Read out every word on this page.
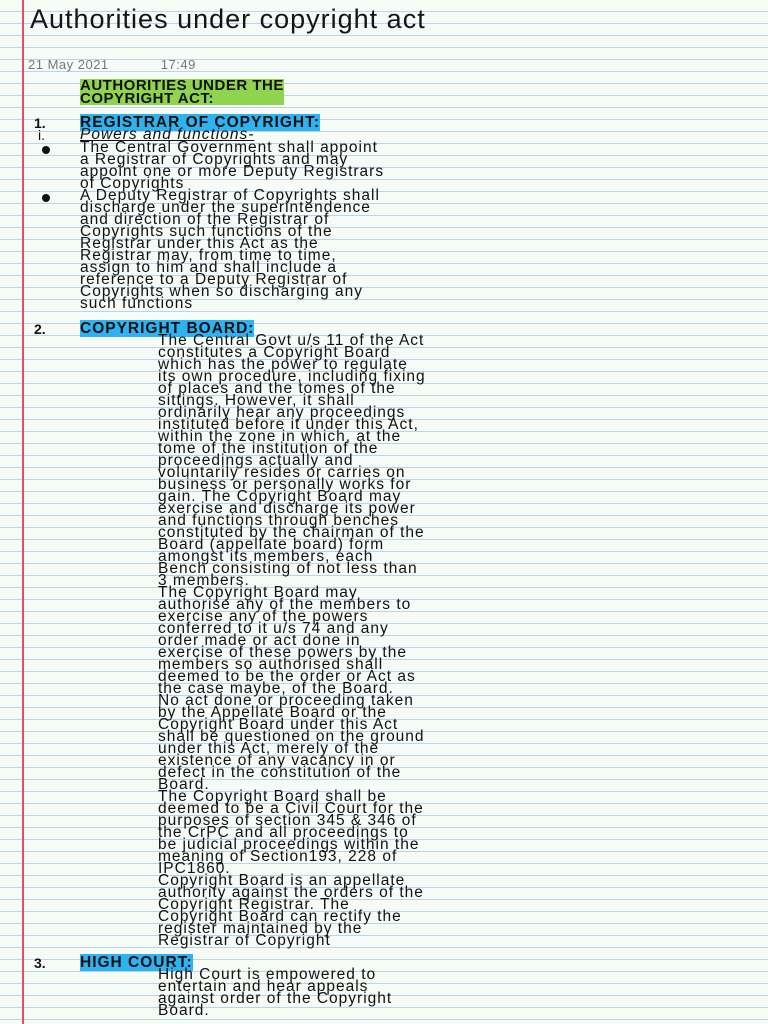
Authorities under copyright act
21 May 2021	17:49
AUTHORITIES UNDER THE
COPYRIGHT ACT:
1. REGISTRAR OF COPYRIGHT:
i. Powers and functions-
The Central Government shall appoint
a Registrar of Copyrights and may
appoint one or more Deputy Registrars
of Copyrights
A Deputy Registrar of Copyrights shall
discharge under the superintendence
and direction of the Registrar of
Copyrights such functions of the
Registrar under this Act as the
Registrar may, from time to time,
assign to him and shall include a
reference to a Deputy Registrar of
Copyrights when so discharging any
such functions
2. COPYRIGHT BOARD:
The Central Govt u/s 11 of the Act
constitutes a Copyright Board
which has the power to regulate
its own procedure, including fixing
of places and the tomes of the
sittings. However, it shall
ordinarily hear any proceedings
instituted before it under this Act,
within the zone in which, at the
tome of the institution of the
proceedings actually and
voluntarily resides or carries on
business or personally works for
gain. The Copyright Board may
exercise and discharge its power
and functions through benches
constituted by the chairman of the
Board (appellate board) form
amongst its members, each
Bench consisting of not less than
3 members.
The Copyright Board may
authorise any of the members to
exercise any of the powers
conferred to it u/s 74 and any
order made or act done in
exercise of these powers by the
members so authorised shall
deemed to be the order or Act as
the case maybe, of the Board.
No act done or proceeding taken
by the Appellate Board or the
Copyright Board under this Act
shall be questioned on the ground
under this Act, merely of the
existence of any vacancy in or
defect in the constitution of the
Board.
The Copyright Board shall be
deemed to be a Civil Court for the
purposes of section 345 & 346 of
the CrPC and all proceedings to
be judicial proceedings within the
meaning of Section193, 228 of
IPC1860.
Copyright Board is an appellate
authority against the orders of the
Copyright Registrar. The
Copyright Board can rectify the
register maintained by the
Registrar of Copyright
3. HIGH COURT:
High Court is empowered to
entertain and hear appeals
against order of the Copyright
Board.
